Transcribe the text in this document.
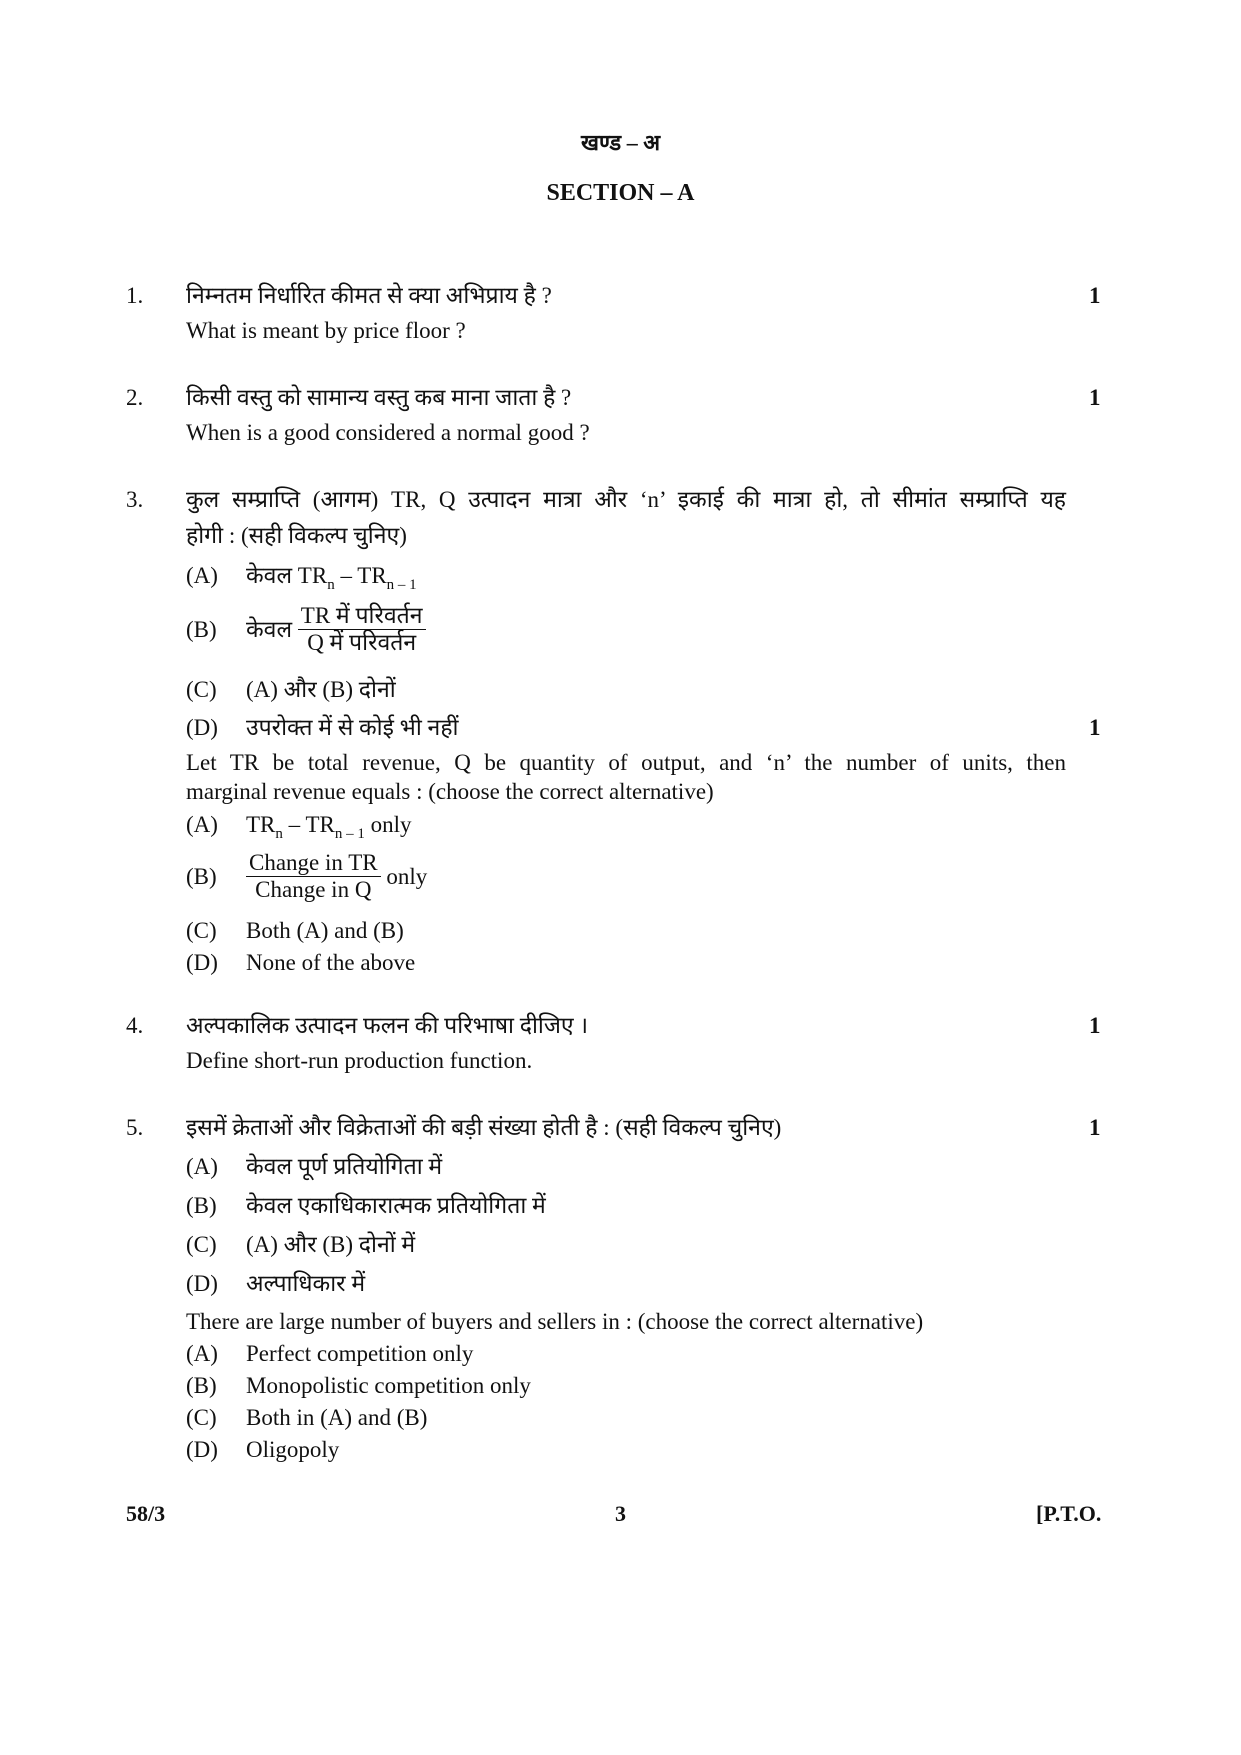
खण्ड – अ
SECTION – A
1. निम्नतम निर्धारित कीमत से क्या अभिप्राय है ?	1
What is meant by price floor ?
2. किसी वस्तु को सामान्य वस्तु कब माना जाता है ?	1
When is a good considered a normal good ?
3. कुल सम्प्राप्ति (आगम) TR, Q उत्पादन मात्रा और ‘n’ इकाई की मात्रा हो, तो सीमांत सम्प्राप्ति यह
होगी : (सही विकल्प चुनिए)
(A) केवल $TR_n - TR_{n - 1}$
(B) केवल $\frac{\text{TR में परिवर्तन}}{\text{Q में परिवर्तन}}$
(C) (A) और (B) दोनों
(D) उपरोक्त में से कोई भी नहीं	1
Let TR be total revenue, Q be quantity of output, and ‘n’ the number of units, then
marginal revenue equals : (choose the correct alternative)
(A) $TR_n - TR_{n - 1}$ only
$(B) \frac{\text{Change in TR}}{\text{Change in Q}}$ only
(C) Both (A) and (B)
(D) None of the above
4. अल्पकालिक उत्पादन फलन की परिभाषा दीजिए ।	1
Define short-run production function.
5. इसमें क्रेताओं और विक्रेताओं की बड़ी संख्या होती है : (सही विकल्प चुनिए)	1
(A) केवल पूर्ण प्रतियोगिता में
(B) केवल एकाधिकारात्मक प्रतियोगिता में
(C) (A) और (B) दोनों में
(D) अल्पाधिकार में
There are large number of buyers and sellers in : (choose the correct alternative)
(A) Perfect competition only
(B) Monopolistic competition only
(C) Both in (A) and (B)
(D) Oligopoly
58/3	3	[P.T.O.
